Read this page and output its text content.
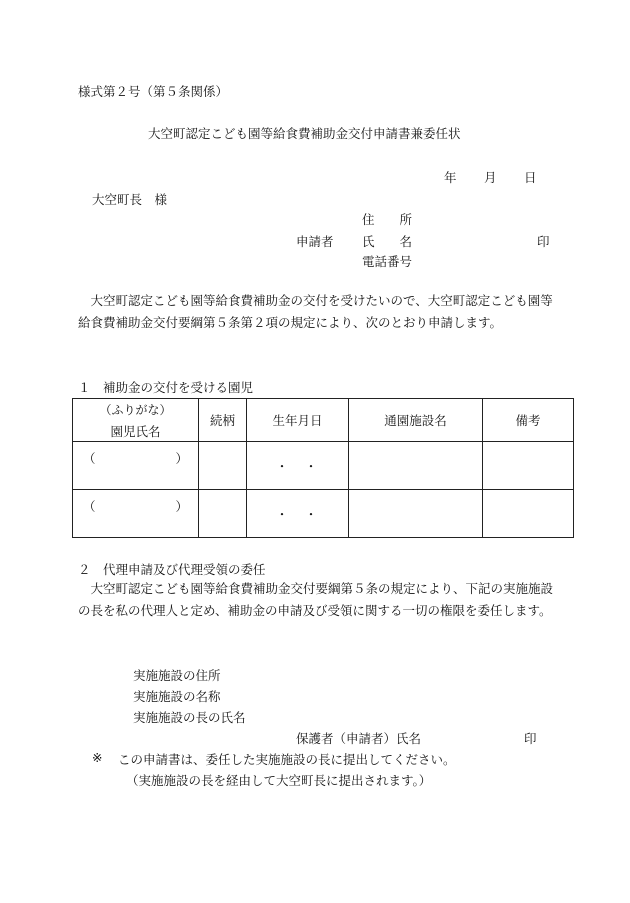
様式第２号（第５条関係）
大空町認定こども園等給食費補助金交付申請書兼委任状
年 月 日
大空町長　様
住　　所
申請者 氏　　名	印
電話番号
　大空町認定こども園等給食費補助金の交付を受けたいので、大空町認定こども園等給食費補助金交付要綱第５条第２項の規定により、次のとおり申請します。
１　補助金の交付を受ける園児
（ふりがな）
園児氏名	続柄	生年月日	通園施設名	備考

（ ）		・　・		

（ ）		・　・		
２　代理申請及び代理受領の委任
　大空町認定こども園等給食費補助金交付要綱第５条の規定により、下記の実施施設の長を私の代理人と定め、補助金の申請及び受領に関する一切の権限を委任します。
実施施設の住所
実施施設の名称
実施施設の長の氏名
保護者（申請者）氏名	印
※ この申請書は、委任した実施施設の長に提出してください。
（実施施設の長を経由して大空町長に提出されます。）
